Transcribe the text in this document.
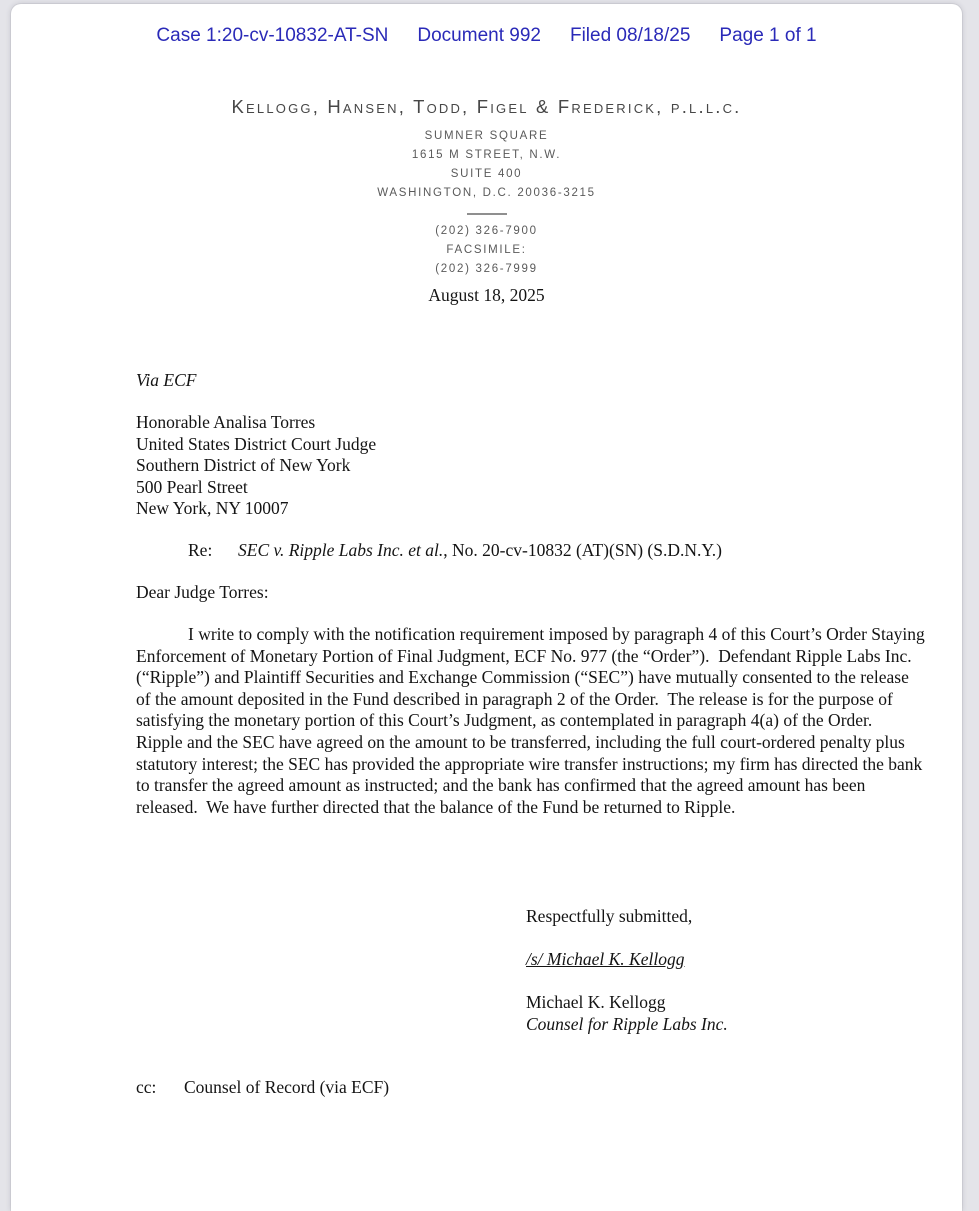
Case 1:20-cv-10832-AT-SN Document 992 Filed 08/18/25 Page 1 of 1
Kellogg, Hansen, Todd, Figel & Frederick, p.l.l.c.
SUMNER SQUARE
1615 M STREET, N.W.
SUITE 400
WASHINGTON, D.C. 20036-3215
(202) 326-7900
FACSIMILE:
(202) 326-7999
August 18, 2025
Via ECF
Honorable Analisa Torres
United States District Court Judge
Southern District of New York
500 Pearl Street
New York, NY 10007
Re: SEC v. Ripple Labs Inc. et al., No. 20-cv-10832 (AT)(SN) (S.D.N.Y.)
Dear Judge Torres:
I write to comply with the notification requirement imposed by paragraph 4 of this Court’s Order Staying Enforcement of Monetary Portion of Final Judgment, ECF No. 977 (the “Order”).  Defendant Ripple Labs Inc. (“Ripple”) and Plaintiff Securities and Exchange Commission (“SEC”) have mutually consented to the release of the amount deposited in the Fund described in paragraph 2 of the Order.  The release is for the purpose of satisfying the monetary portion of this Court’s Judgment, as contemplated in paragraph 4(a) of the Order.  Ripple and the SEC have agreed on the amount to be transferred, including the full court-ordered penalty plus statutory interest; the SEC has provided the appropriate wire transfer instructions; my firm has directed the bank to transfer the agreed amount as instructed; and the bank has confirmed that the agreed amount has been released.  We have further directed that the balance of the Fund be returned to Ripple.
Respectfully submitted,
/s/ Michael K. Kellogg
Michael K. Kellogg
Counsel for Ripple Labs Inc.
cc: Counsel of Record (via ECF)
